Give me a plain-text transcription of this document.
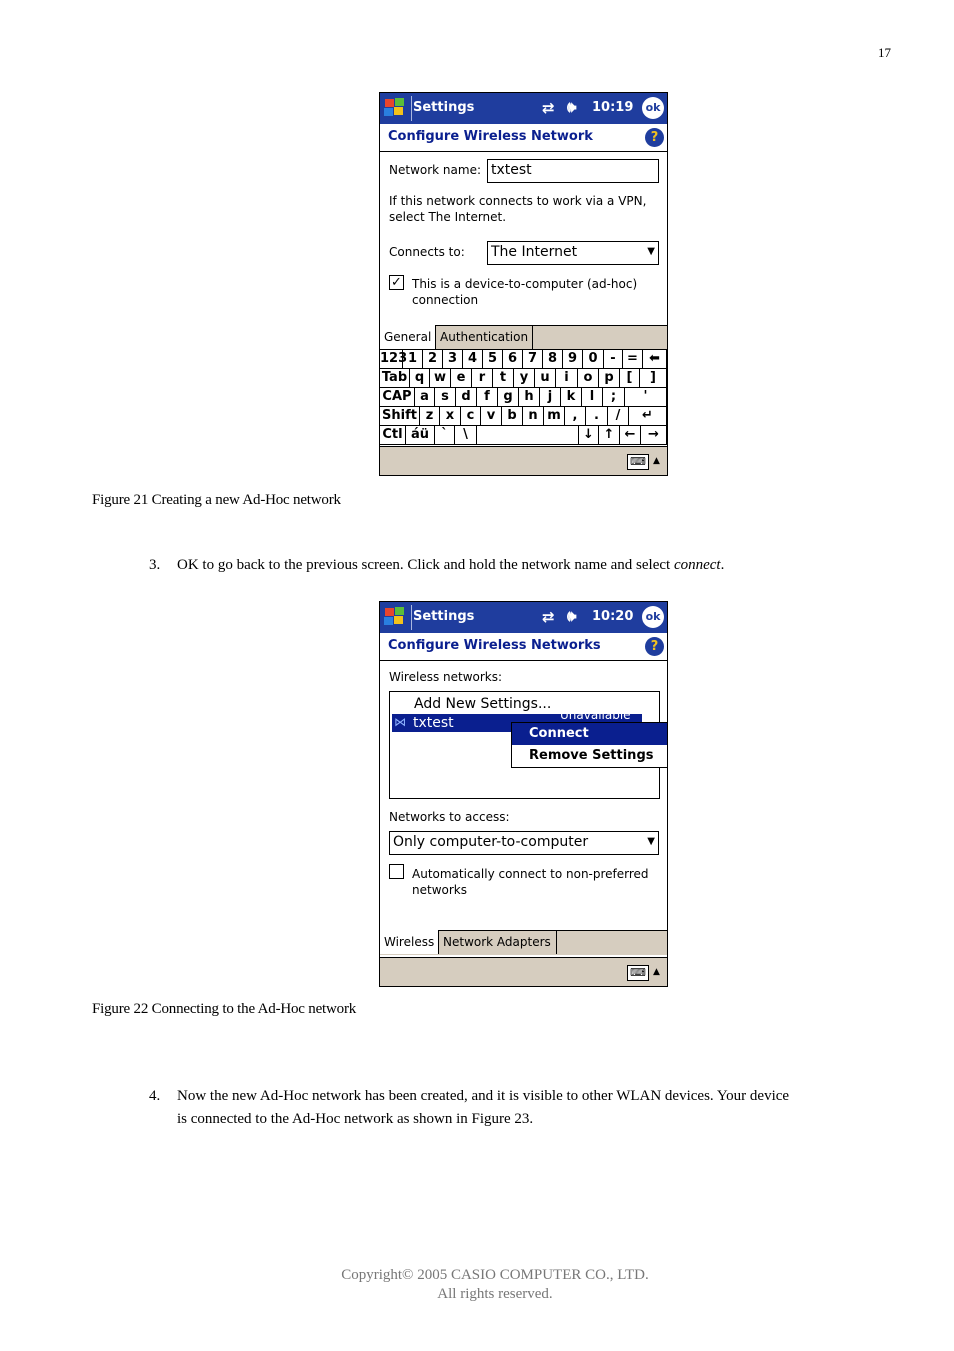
17
Settings	⇄ 🕪 10:19	ok
Configure Wireless Network	?
Network name: txtest
If this network connects to work via a VPN,
select The Internet.
Connects to: The Internet	▼
✓ This is a device-to-computer (ad-hoc)
connection
General Authentication
123 1 2 3 4 5 6 7 8 9 0 - = ⬅
Tab q w e	r	t	y u	i	o p [	]
CAP a s d	f	g h	j	k	l	;	'
Shift z x c v b n m ,	.	/	↵
Ctl áü `	\	↓ ↑ ← →
⌨ ▲
Figure 21 Creating a new Ad-Hoc network
3. OK to go back to the previous screen. Click and hold the network name and select connect.
Settings	⇄ 🕪 10:20	ok
Configure Wireless Networks	?
Wireless networks:
Add New Settings...
⋈ txtest	Unavailable
Connect
Remove Settings
Networks to access:
Only computer-to-computer	▼
Automatically connect to non-preferred
networks
Wireless Network Adapters
⌨ ▲
Figure 22 Connecting to the Ad-Hoc network
4. Now the new Ad-Hoc network has been created, and it is visible to other WLAN devices. Your device
is connected to the Ad-Hoc network as shown in Figure 23.
Copyright© 2005 CASIO COMPUTER CO., LTD.
All rights reserved.
